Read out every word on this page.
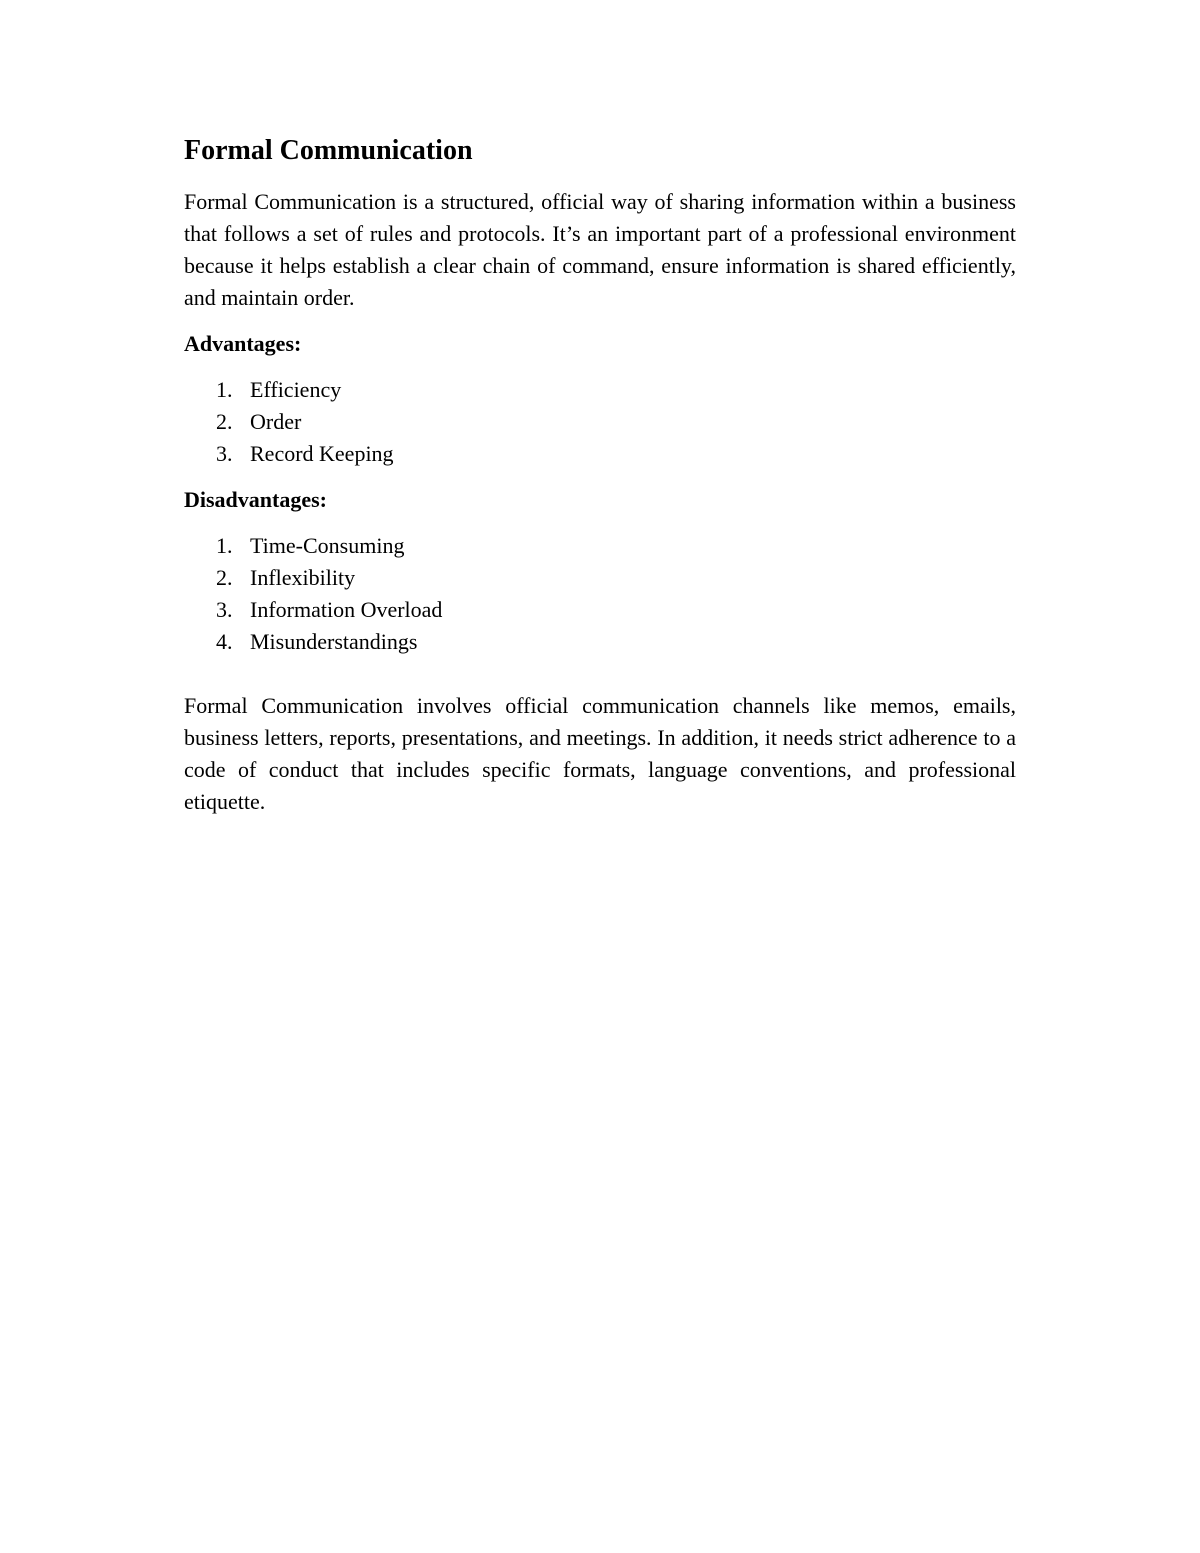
Formal Communication

Formal Communication is a structured, official way of sharing information within a business that follows a set of rules and protocols. It’s an important part of a professional environment because it helps establish a clear chain of command, ensure information is shared efficiently, and maintain order.

Advantages:
1. Efficiency
2. Order
3. Record Keeping
Disadvantages:
1. Time-Consuming
2. Inflexibility
3. Information Overload
4. Misunderstandings

Formal Communication involves official communication channels like memos, emails, business letters, reports, presentations, and meetings. In addition, it needs strict adherence to a code of conduct that includes specific formats, language conventions, and professional etiquette.
